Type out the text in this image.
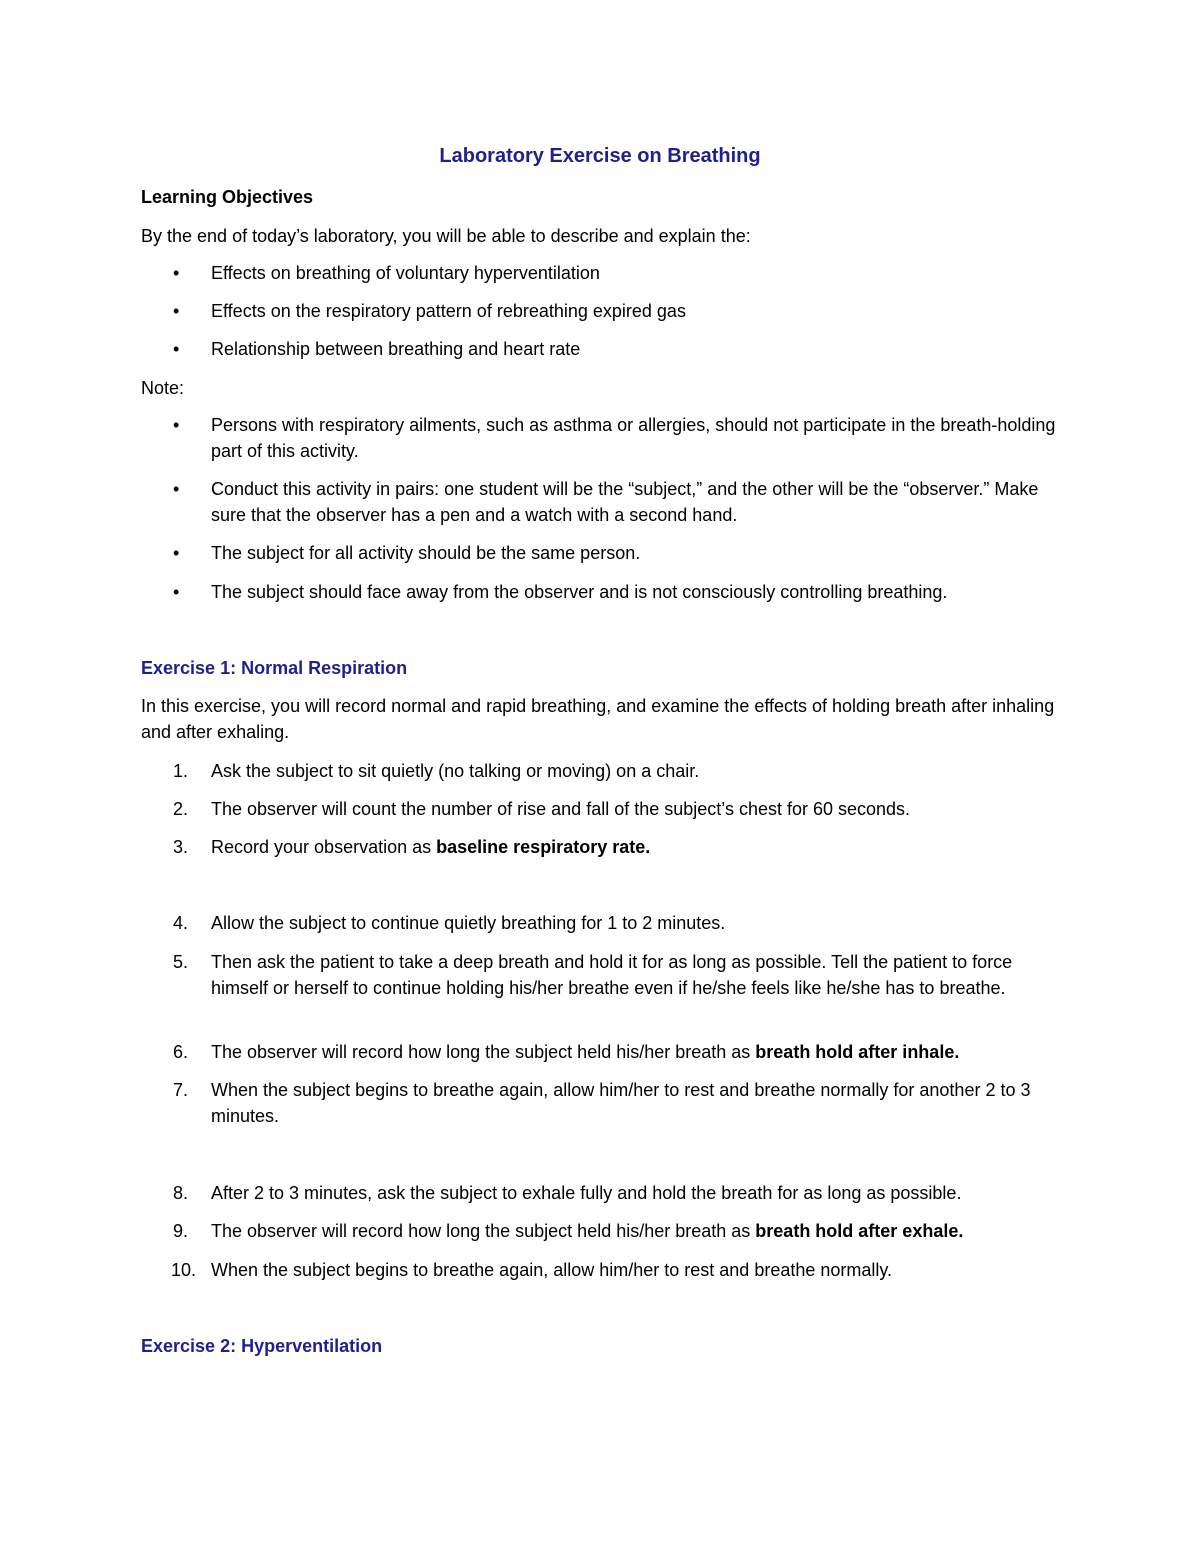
Laboratory Exercise on Breathing
Learning Objectives
By the end of today’s laboratory, you will be able to describe and explain the:
• Effects on breathing of voluntary hyperventilation
• Effects on the respiratory pattern of rebreathing expired gas
• Relationship between breathing and heart rate
Note:
• Persons with respiratory ailments, such as asthma or allergies, should not participate in the breath-holding part of this activity.
• Conduct this activity in pairs: one student will be the “subject,” and the other will be the “observer.” Make sure that the observer has a pen and a watch with a second hand.
• The subject for all activity should be the same person.
• The subject should face away from the observer and is not consciously controlling breathing.
Exercise 1: Normal Respiration
In this exercise, you will record normal and rapid breathing, and examine the effects of holding breath after inhaling and after exhaling.
1.	Ask the subject to sit quietly (no talking or moving) on a chair.
2.	The observer will count the number of rise and fall of the subject’s chest for 60 seconds.
3.	Record your observation as baseline respiratory rate.
4.	Allow the subject to continue quietly breathing for 1 to 2 minutes.
5.	Then ask the patient to take a deep breath and hold it for as long as possible. Tell the patient to force himself or herself to continue holding his/her breathe even if he/she feels like he/she has to breathe.
6.	The observer will record how long the subject held his/her breath as breath hold after inhale.
7.	When the subject begins to breathe again, allow him/her to rest and breathe normally for another 2 to 3 minutes.
8.	After 2 to 3 minutes, ask the subject to exhale fully and hold the breath for as long as possible.
9.	The observer will record how long the subject held his/her breath as breath hold after exhale.
10. When the subject begins to breathe again, allow him/her to rest and breathe normally.
Exercise 2: Hyperventilation
